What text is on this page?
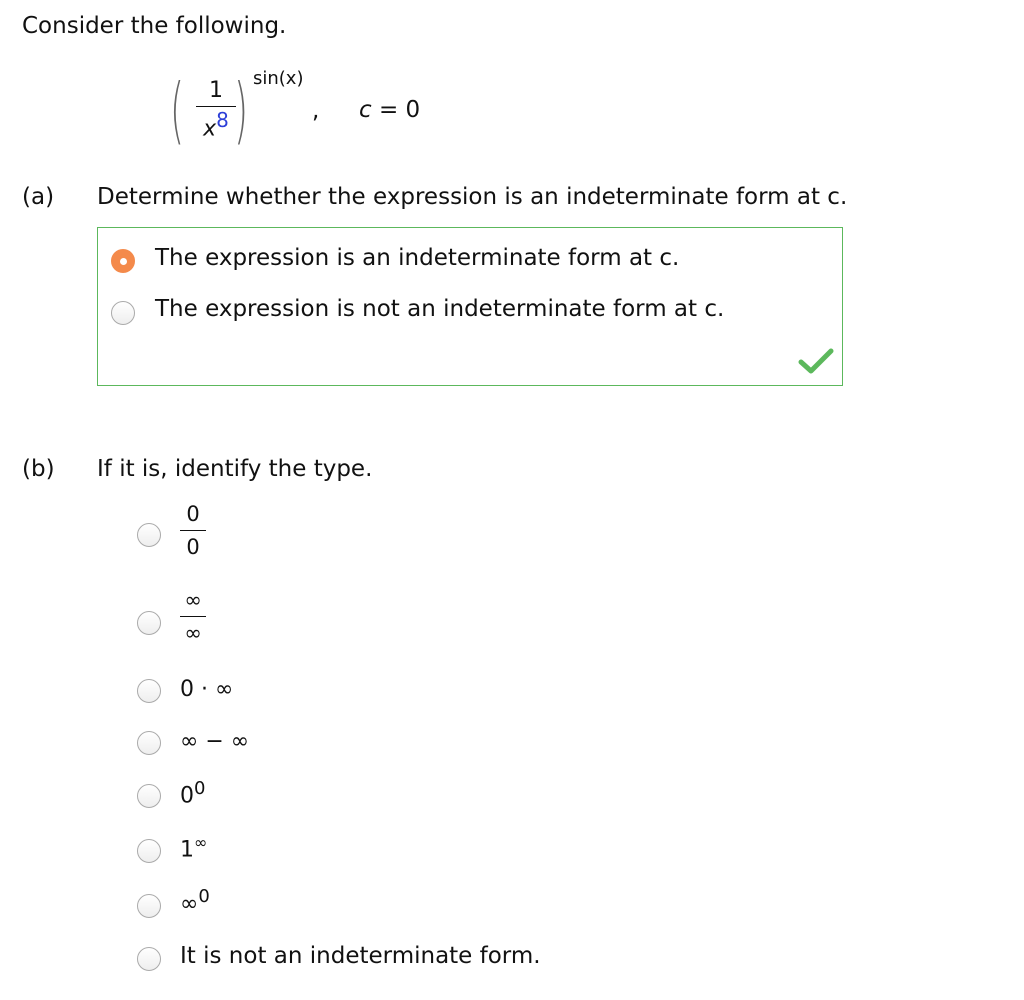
Consider the following.
(	1
$x^8$ ) sin(x)
, c = 0
(a) Determine whether the expression is an indeterminate form at c.
The expression is an indeterminate form at c.
The expression is not an indeterminate form at c.
(b) If it is, identify the type.
0
0
∞
∞
0 · ∞
∞ − ∞
$0^0$
1∞
∞$^0$
It is not an indeterminate form.
